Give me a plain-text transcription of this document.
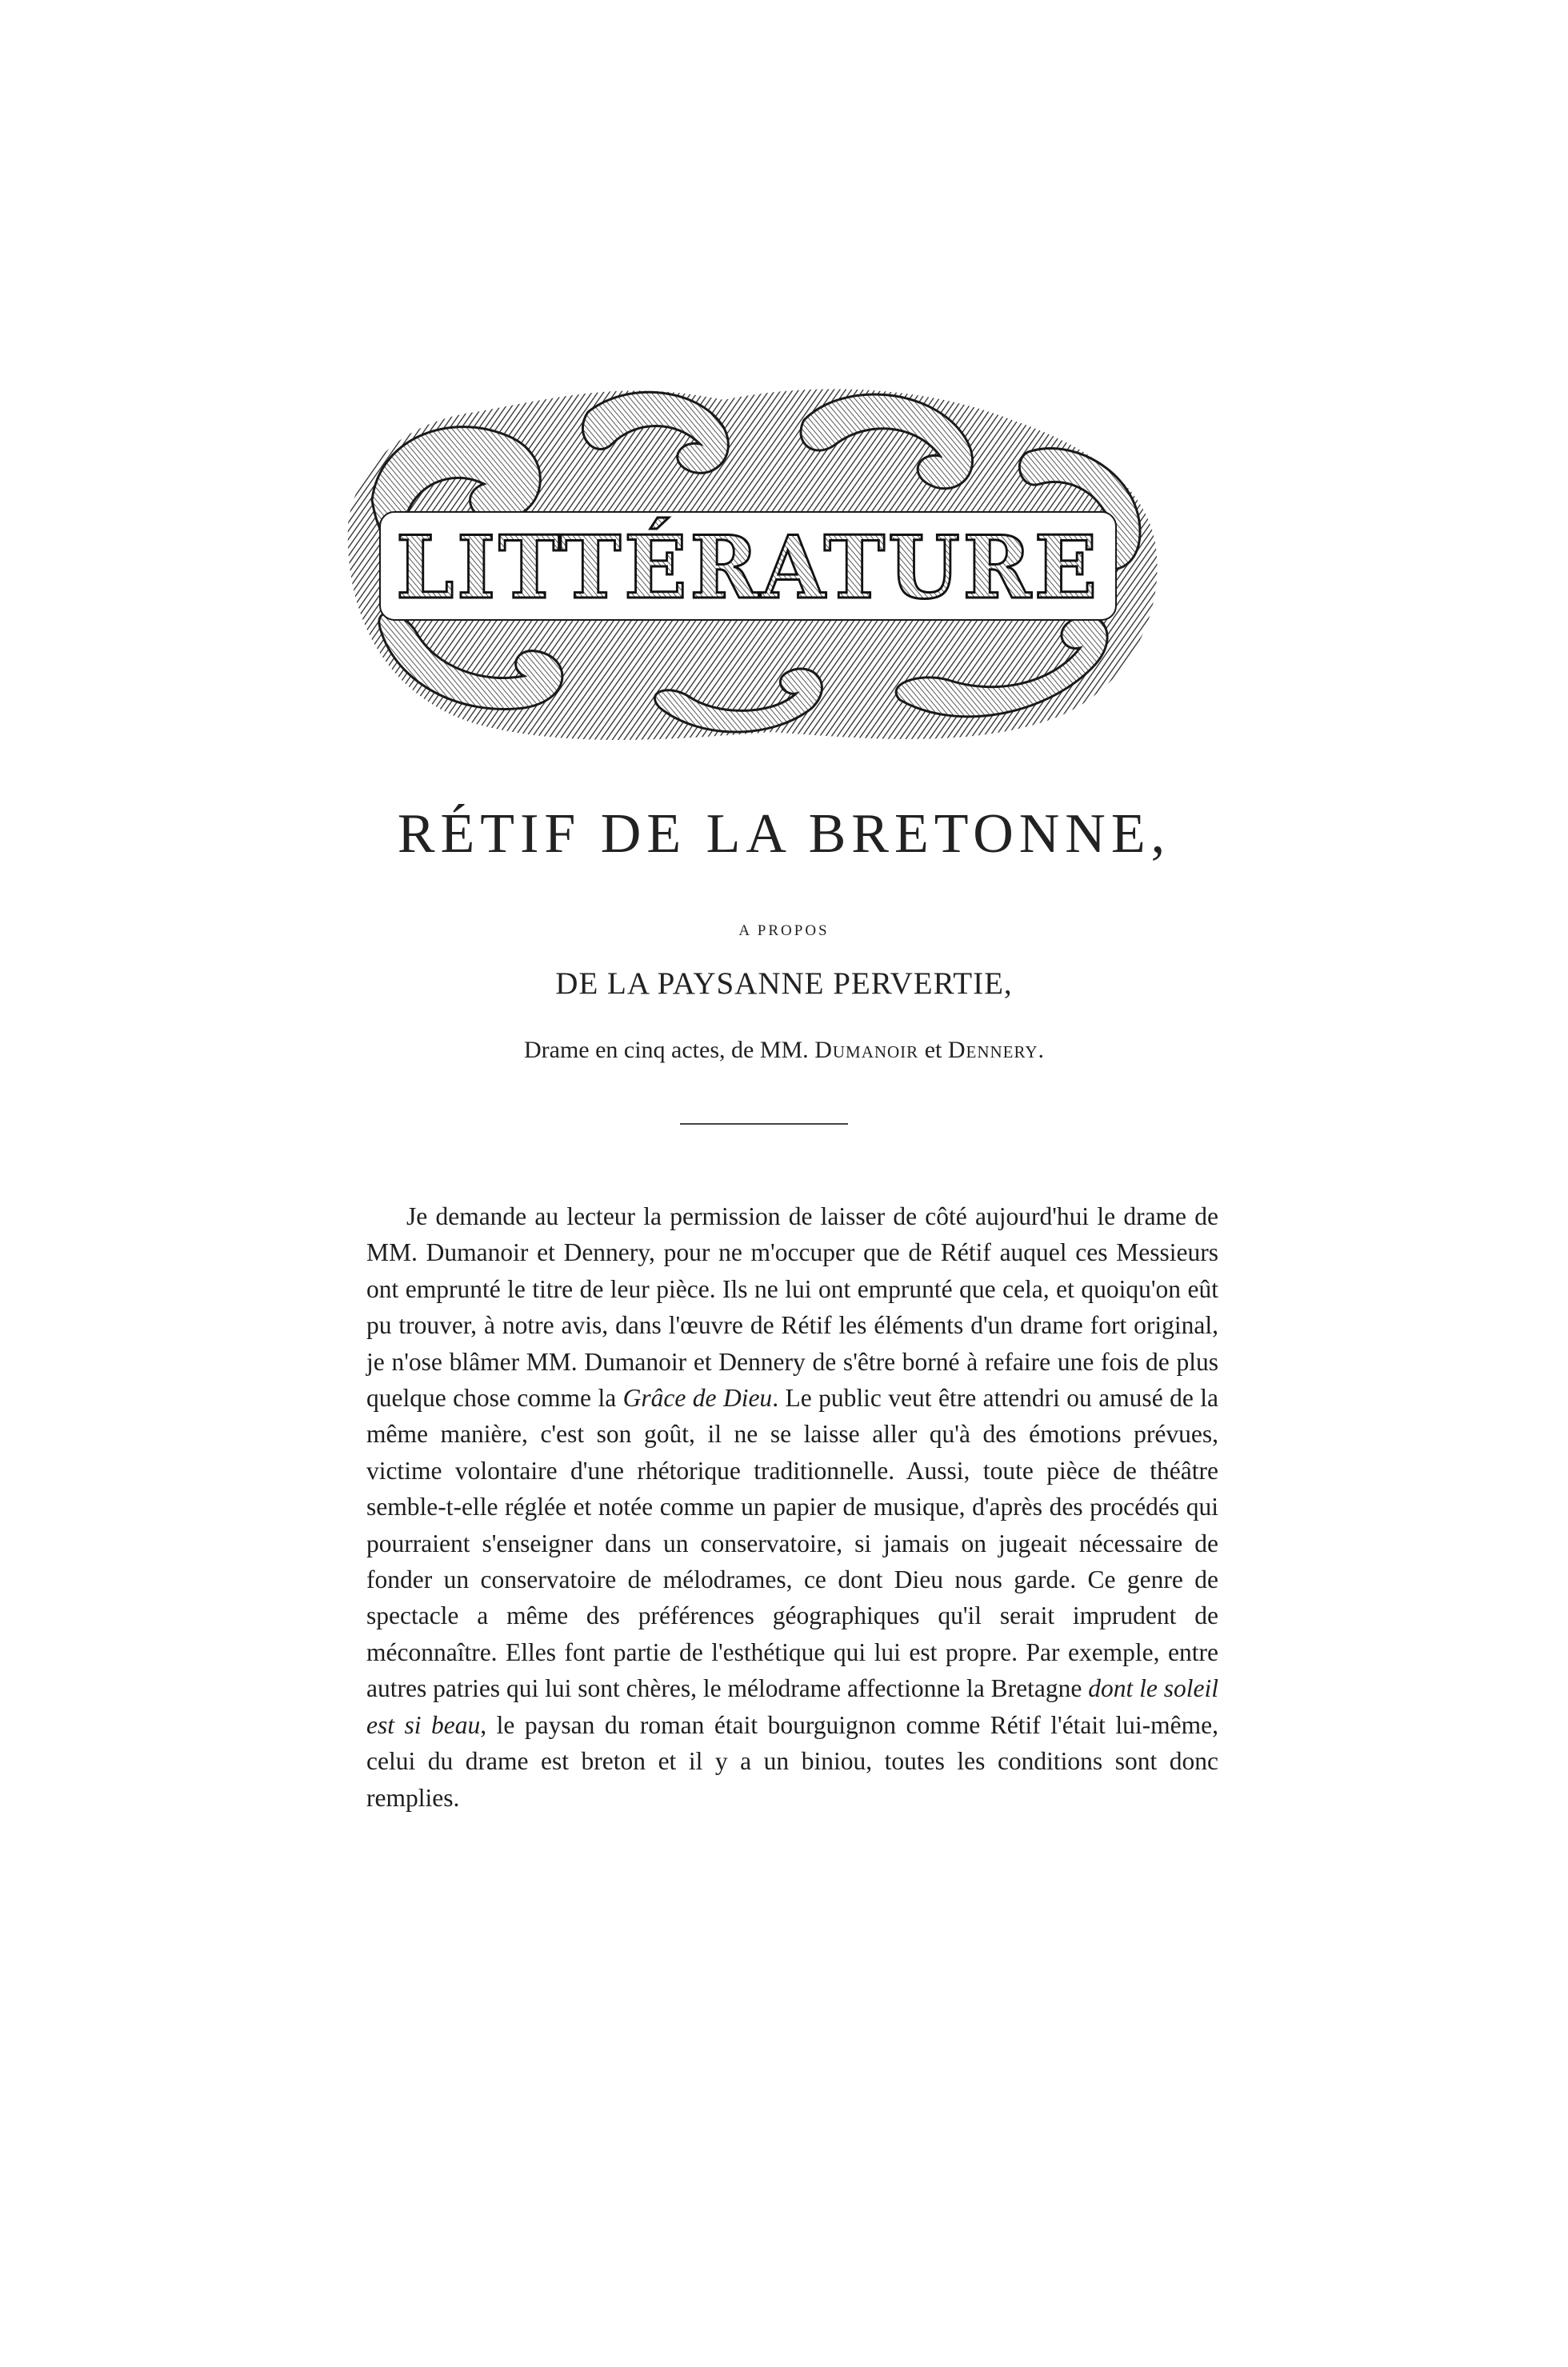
LITTÉRATURE
RÉTIF DE LA BRETONNE,
A PROPOS
DE LA PAYSANNE PERVERTIE,
Drame en cinq actes, de MM. Dumanoir et Dennery.

Je demande au lecteur la permission de laisser de côté aujourd'hui le drame de MM. Dumanoir et Dennery, pour ne m'occuper que de Rétif auquel ces Messieurs ont emprunté le titre de leur pièce. Ils ne lui ont emprunté que cela, et quoiqu'on eût pu trouver, à notre avis, dans l'œuvre de Rétif les éléments d'un drame fort original, je n'ose blâmer MM. Dumanoir et Dennery de s'être borné à refaire une fois de plus quelque chose comme la Grâce de Dieu. Le public veut être attendri ou amusé de la même manière, c'est son goût, il ne se laisse aller qu'à des émotions prévues, victime volontaire d'une rhétorique traditionnelle. Aussi, toute pièce de théâtre semble-t-elle réglée et notée comme un papier de musique, d'après des procédés qui pourraient s'enseigner dans un conservatoire, si jamais on jugeait nécessaire de fonder un conservatoire de mélodrames, ce dont Dieu nous garde. Ce genre de spectacle a même des préférences géographiques qu'il serait imprudent de méconnaître. Elles font partie de l'esthétique qui lui est propre. Par exemple, entre autres patries qui lui sont chères, le mélodrame affectionne la Bretagne dont le soleil est si beau, le paysan du roman était bourguignon comme Rétif l'était lui-même, celui du drame est breton et il y a un biniou, toutes les conditions sont donc remplies.
